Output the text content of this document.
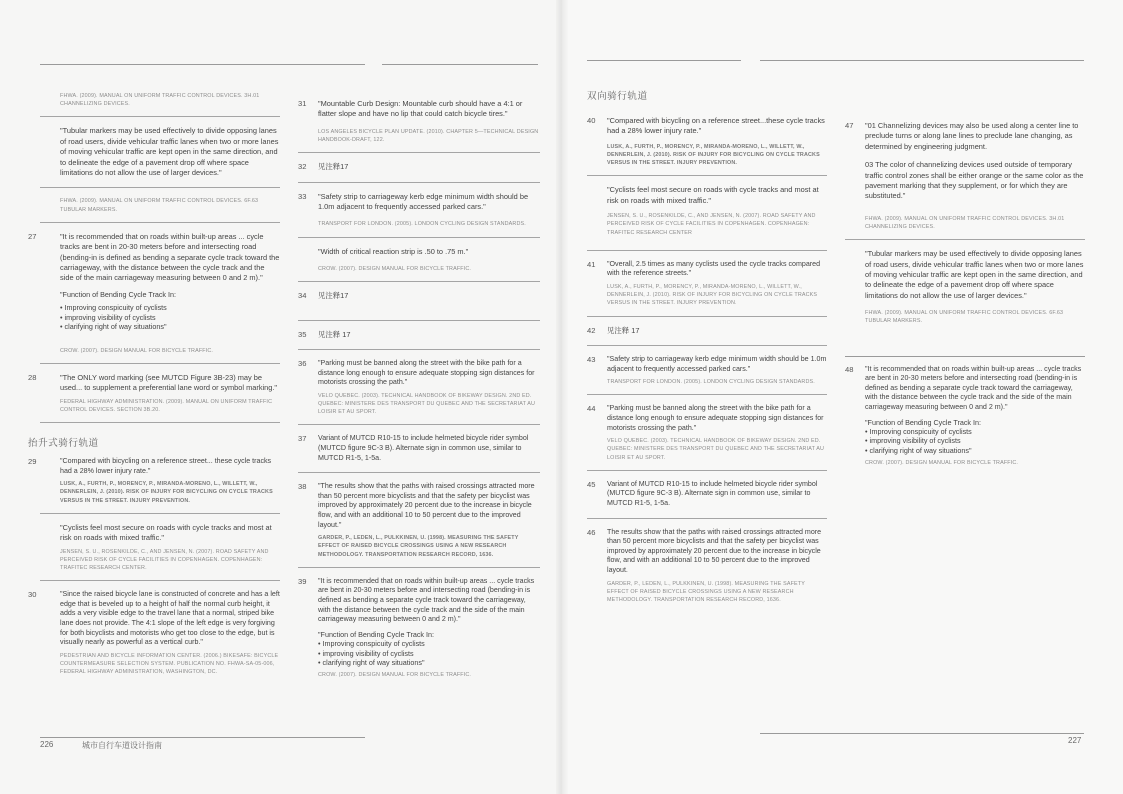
FHWA. (2009). MANUAL ON UNIFORM TRAFFIC CONTROL DEVICES. 3H.01 CHANNELIZING DEVICES.

"Tubular markers may be used effectively to divide opposing lanes of road users, divide vehicular traffic lanes when two or more lanes of moving vehicular traffic are kept open in the same direction, and to delineate the edge of a pavement drop off where space limitations do not allow the use of larger devices."

FHWA. (2009). MANUAL ON UNIFORM TRAFFIC CONTROL DEVICES. 6F.63 TUBULAR MARKERS.

27	"It is recommended that on roads within built-up areas ... cycle tracks are bent in 20-30 meters before and intersecting road (bending-in is defined as bending a separate cycle track toward the carriageway, with the distance between the cycle track and the side of the main carriageway measuring between 0 and 2 m)."

"Function of Bending Cycle Track In:

• Improving conspicuity of cyclists

• improving visibility of cyclists

• clarifying right of way situations"

CROW. (2007). DESIGN MANUAL FOR BICYCLE TRAFFIC.

28	"The ONLY word marking (see MUTCD Figure 3B-23) may be used... to supplement a preferential lane word or symbol marking."

FEDERAL HIGHWAY ADMINISTRATION. (2009). MANUAL ON UNIFORM TRAFFIC CONTROL DEVICES. SECTION 3B.20.

抬升式骑行轨道
29	"Compared with bicycling on a reference street... these cycle tracks had a 28% lower injury rate."

LUSK, A., FURTH, P., MORENCY, P., MIRANDA-MORENO, L., WILLETT, W., DENNERLEIN, J. (2010). RISK OF INJURY FOR BICYCLING ON CYCLE TRACKS VERSUS IN THE STREET. INJURY PREVENTION.

"Cyclists feel most secure on roads with cycle tracks and most at risk on roads with mixed traffic."

JENSEN, S. U., ROSENKILDE, C., AND JENSEN, N. (2007). ROAD SAFETY AND PERCEIVED RISK OF CYCLE FACILITIES IN COPENHAGEN. COPENHAGEN: TRAFITEC RESEARCH CENTER.

30	"Since the raised bicycle lane is constructed of concrete and has a left edge that is beveled up to a height of half the normal curb height, it adds a very visible edge to the travel lane that a normal, striped bike lane does not provide. The 4:1 slope of the left edge is very forgiving for both bicyclists and motorists who get too close to the edge, but is visually nearly as powerful as a vertical curb."

PEDESTRIAN AND BICYCLE INFORMATION CENTER. (2006.) BIKESAFE: BICYCLE COUNTERMEASURE SELECTION SYSTEM. PUBLICATION NO. FHWA-SA-05-006, FEDERAL HIGHWAY ADMINISTRATION, WASHINGTON, DC.

31 "Mountable Curb Design: Mountable curb should have a 4:1 or flatter slope and have no lip that could catch bicycle tires."

LOS ANGELES BICYCLE PLAN UPDATE. (2010). CHAPTER 5—TECHNICAL DESIGN HANDBOOK-DRAFT, 122.

32 见注释17

33 "Safety strip to carriageway kerb edge minimum width should be 1.0m adjacent to frequently accessed parked cars."

TRANSPORT FOR LONDON. (2005). LONDON CYCLING DESIGN STANDARDS.

"Width of critical reaction strip is .50 to .75 m."

CROW. (2007). DESIGN MANUAL FOR BICYCLE TRAFFIC.

34 见注释17

35 见注释 17

36 "Parking must be banned along the street with the bike path for a distance long enough to ensure adequate stopping sign distances for motorists crossing the path."

VELO QUEBEC. (2003). TECHNICAL HANDBOOK OF BIKEWAY DESIGN. 2ND ED. QUEBEC: MINISTERE DES TRANSPORT DU QUEBEC AND THE SECRETARIAT AU LOISIR ET AU SPORT.

37 Variant of MUTCD R10-15 to include helmeted bicycle rider symbol (MUTCD figure 9C-3 B). Alternate sign in common use, similar to MUTCD R1-5, 1-5a.

38 "The results show that the paths with raised crossings attracted more than 50 percent more bicyclists and that the safety per bicyclist was improved by approximately 20 percent due to the increase in bicycle flow, and with an additional 10 to 50 percent due to the improved layout."

GARDER, P., LEDEN, L., PULKKINEN, U. (1998). MEASURING THE SAFETY EFFECT OF RAISED BICYCLE CROSSINGS USING A NEW RESEARCH METHODOLOGY. TRANSPORTATION RESEARCH RECORD, 1636.

39 "It is recommended that on roads within built-up areas ... cycle tracks are bent in 20-30 meters before and intersecting road (bending-in is defined as bending a separate cycle track toward the carriageway, with the distance between the cycle track and the side of the main carriageway measuring between 0 and 2 m)."

"Function of Bending Cycle Track In:

• Improving conspicuity of cyclists

• improving visibility of cyclists

• clarifying right of way situations"

CROW. (2007). DESIGN MANUAL FOR BICYCLE TRAFFIC.

226	城市自行车道设计指南
双向骑行轨道
40 "Compared with bicycling on a reference street...these cycle tracks had a 28% lower injury rate."

LUSK, A., FURTH, P., MORENCY, P., MIRANDA-MORENO, L., WILLETT, W., DENNERLEIN, J. (2010). RISK OF INJURY FOR BICYCLING ON CYCLE TRACKS VERSUS IN THE STREET. INJURY PREVENTION.

"Cyclists feel most secure on roads with cycle tracks and most at risk on roads with mixed traffic."

JENSEN, S. U., ROSENKILDE, C., AND JENSEN, N. (2007). ROAD SAFETY AND PERCEIVED RISK OF CYCLE FACILITIES IN COPENHAGEN. COPENHAGEN: TRAFITEC RESEARCH CENTER

41 "Overall, 2.5 times as many cyclists used the cycle tracks compared with the reference streets."

LUSK, A., FURTH, P., MORENCY, P., MIRANDA-MORENO, L., WILLETT, W., DENNERLEIN, J. (2010). RISK OF INJURY FOR BICYCLING ON CYCLE TRACKS VERSUS IN THE STREET. INJURY PREVENTION.

42 见注释 17

43 "Safety strip to carriageway kerb edge minimum width should be 1.0m adjacent to frequently accessed parked cars."

TRANSPORT FOR LONDON. (2005). LONDON CYCLING DESIGN STANDARDS.

44 "Parking must be banned along the street with the bike path for a distance long enough to ensure adequate stopping sign distances for motorists crossing the path."

VELO QUEBEC. (2003). TECHNICAL HANDBOOK OF BIKEWAY DESIGN. 2ND ED. QUEBEC: MINISTERE DES TRANSPORT DU QUEBEC AND THE SECRETARIAT AU LOISIR ET AU SPORT.

45 Variant of MUTCD R10-15 to include helmeted bicycle rider symbol (MUTCD figure 9C-3 B). Alternate sign in common use, similar to MUTCD R1-5, 1-5a.

46 The results show that the paths with raised crossings attracted more than 50 percent more bicyclists and that the safety per bicyclist was improved by approximately 20 percent due to the increase in bicycle flow, and with an additional 10 to 50 percent due to the improved layout.

GARDER, P., LEDEN, L., PULKKINEN, U. (1998). MEASURING THE SAFETY EFFECT OF RAISED BICYCLE CROSSINGS USING A NEW RESEARCH METHODOLOGY. TRANSPORTATION RESEARCH RECORD, 1636.

47 "01 Channelizing devices may also be used along a center line to preclude turns or along lane lines to preclude lane changing, as determined by engineering judgment.

03 The color of channelizing devices used outside of temporary traffic control zones shall be either orange or the same color as the pavement marking that they supplement, or for which they are substituted."

FHWA. (2009). MANUAL ON UNIFORM TRAFFIC CONTROL DEVICES. 3H.01 CHANNELIZING DEVICES.

"Tubular markers may be used effectively to divide opposing lanes of road users, divide vehicular traffic lanes when two or more lanes of moving vehicular traffic are kept open in the same direction, and to delineate the edge of a pavement drop off where space limitations do not allow the use of larger devices."

FHWA. (2009). MANUAL ON UNIFORM TRAFFIC CONTROL DEVICES. 6F.63 TUBULAR MARKERS.

48 "It is recommended that on roads within built-up areas ... cycle tracks are bent in 20-30 meters before and intersecting road (bending-in is defined as bending a separate cycle track toward the carriageway, with the distance between the cycle track and the side of the main carriageway measuring between 0 and 2 m)."

"Function of Bending Cycle Track In:

• Improving conspicuity of cyclists

• improving visibility of cyclists

• clarifying right of way situations"

CROW. (2007). DESIGN MANUAL FOR BICYCLE TRAFFIC.

227
